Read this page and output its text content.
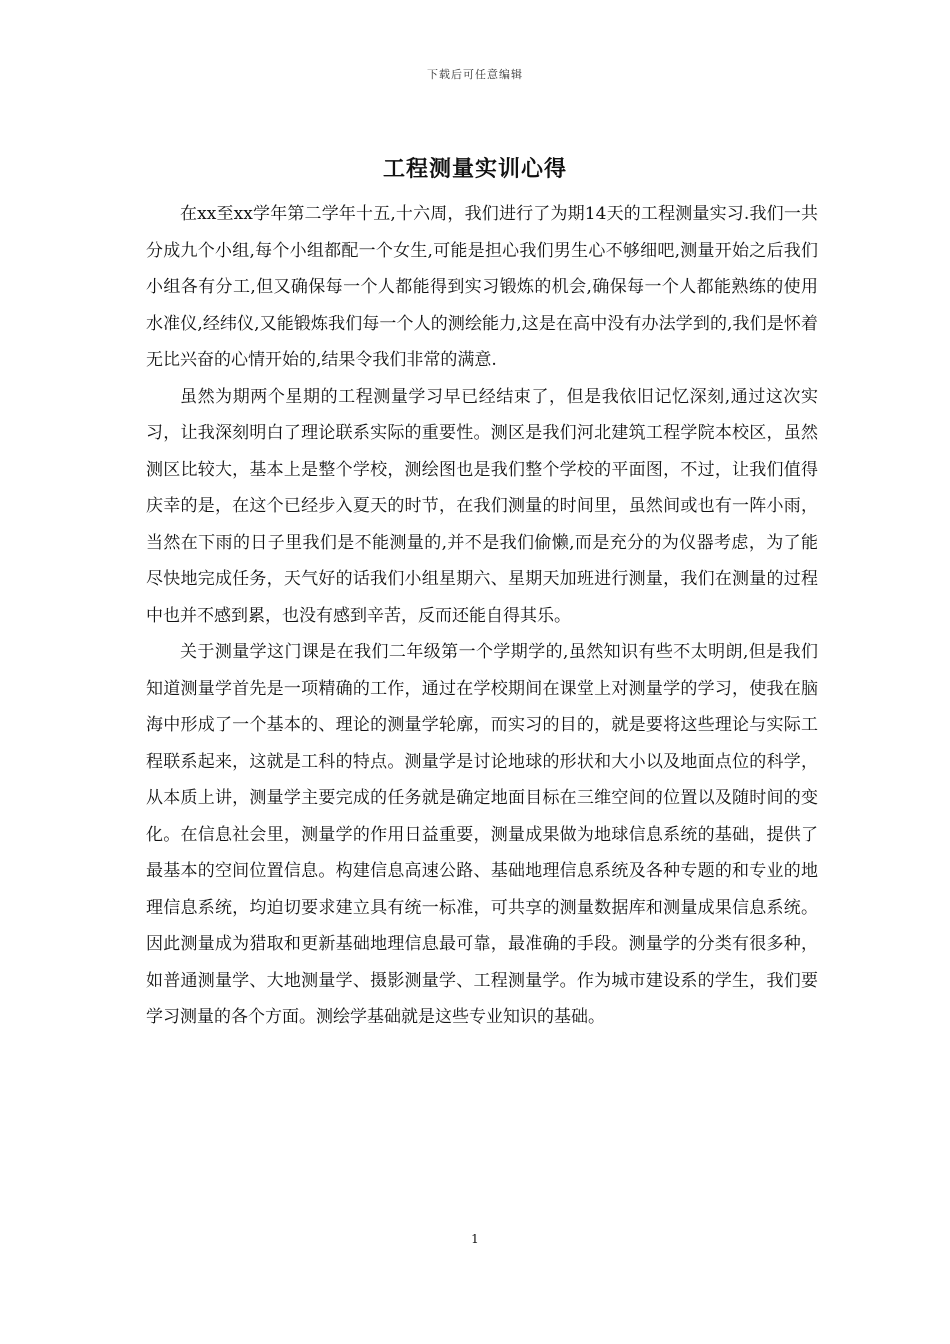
下载后可任意编辑
工程测量实训心得

在xx至xx学年第二学年十五,十六周，我们进行了为期14天的工程测量实习.我们一共分成九个小组,每个小组都配一个女生,可能是担心我们男生心不够细吧,测量开始之后我们小组各有分工,但又确保每一个人都能得到实习锻炼的机会,确保每一个人都能熟练的使用水准仪,经纬仪,又能锻炼我们每一个人的测绘能力,这是在高中没有办法学到的,我们是怀着无比兴奋的心情开始的,结果令我们非常的满意.

虽然为期两个星期的工程测量学习早已经结束了，但是我依旧记忆深刻,通过这次实习，让我深刻明白了理论联系实际的重要性。测区是我们河北建筑工程学院本校区，虽然测区比较大，基本上是整个学校，测绘图也是我们整个学校的平面图，不过，让我们值得庆幸的是，在这个已经步入夏天的时节，在我们测量的时间里，虽然间或也有一阵小雨，当然在下雨的日子里我们是不能测量的,并不是我们偷懒,而是充分的为仪器考虑，为了能尽快地完成任务，天气好的话我们小组星期六、星期天加班进行测量，我们在测量的过程中也并不感到累，也没有感到辛苦，反而还能自得其乐。

关于测量学这门课是在我们二年级第一个学期学的,虽然知识有些不太明朗,但是我们知道测量学首先是一项精确的工作，通过在学校期间在课堂上对测量学的学习，使我在脑海中形成了一个基本的、理论的测量学轮廓，而实习的目的，就是要将这些理论与实际工程联系起来，这就是工科的特点。测量学是讨论地球的形状和大小以及地面点位的科学，从本质上讲，测量学主要完成的任务就是确定地面目标在三维空间的位置以及随时间的变化。在信息社会里，测量学的作用日益重要，测量成果做为地球信息系统的基础，提供了最基本的空间位置信息。构建信息高速公路、基础地理信息系统及各种专题的和专业的地理信息系统，均迫切要求建立具有统一标准，可共享的测量数据库和测量成果信息系统。因此测量成为猎取和更新基础地理信息最可靠，最准确的手段。测量学的分类有很多种，如普通测量学、大地测量学、摄影测量学、工程测量学。作为城市建设系的学生，我们要学习测量的各个方面。测绘学基础就是这些专业知识的基础。

1
